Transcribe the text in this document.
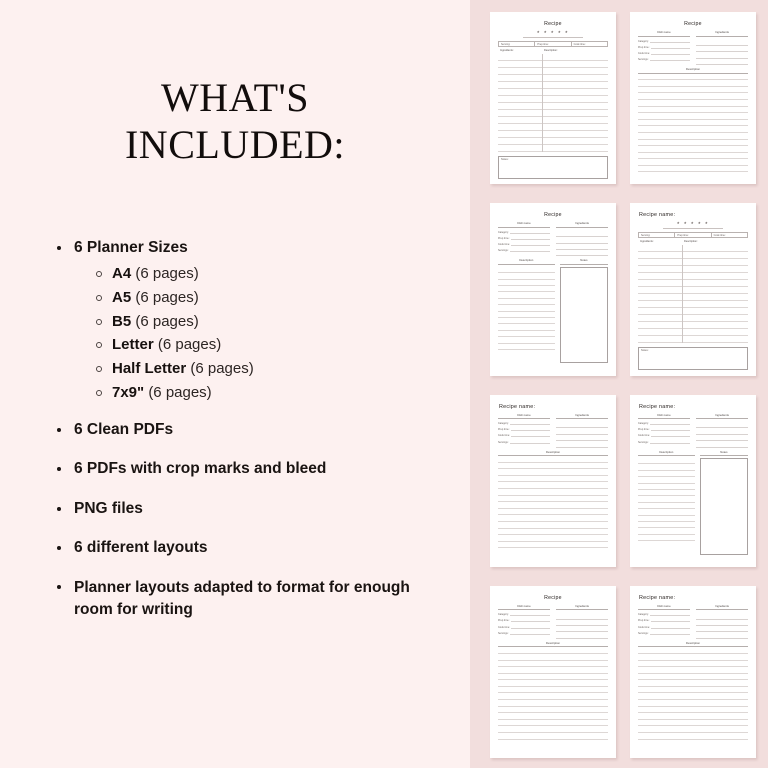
WHAT'S
INCLUDED:
6 Planner Sizes
A4 (6 pages)
A5 (6 pages)
B5 (6 pages)
Letter (6 pages)
Half Letter (6 pages)
7x9" (6 pages)
6 Clean PDFs
6 PDFs with crop marks and bleed
PNG files
6 different layouts
Planner layouts adapted to format for enough room for writing
Recipe
★ ★ ★ ★ ★
Serving:	Prep time:	Cook time:
Ingredients:	Description:
Notes:
Recipe
Dish name
Category:
Prep time:
Cook time:
Servings:
Ingredients
Description
Recipe
Dish name
Category:
Prep time:
Cook time:
Servings:
Ingredients
Description	Notes
Recipe name:
★ ★ ★ ★ ★
Serving:	Prep time:	Cook time:
Ingredients:	Description:
Notes:
Recipe name:
Dish name
Category:
Prep time:
Cook time:
Servings:
Ingredients
Description
Recipe name:
Dish name
Category:
Prep time:
Cook time:
Servings:
Ingredients
Description	Notes
Recipe
Dish name
Category:
Prep time:
Cook time:
Servings:
Ingredients
Description
Recipe name:
Dish name
Category:
Prep time:
Cook time:
Servings:
Ingredients
Description
